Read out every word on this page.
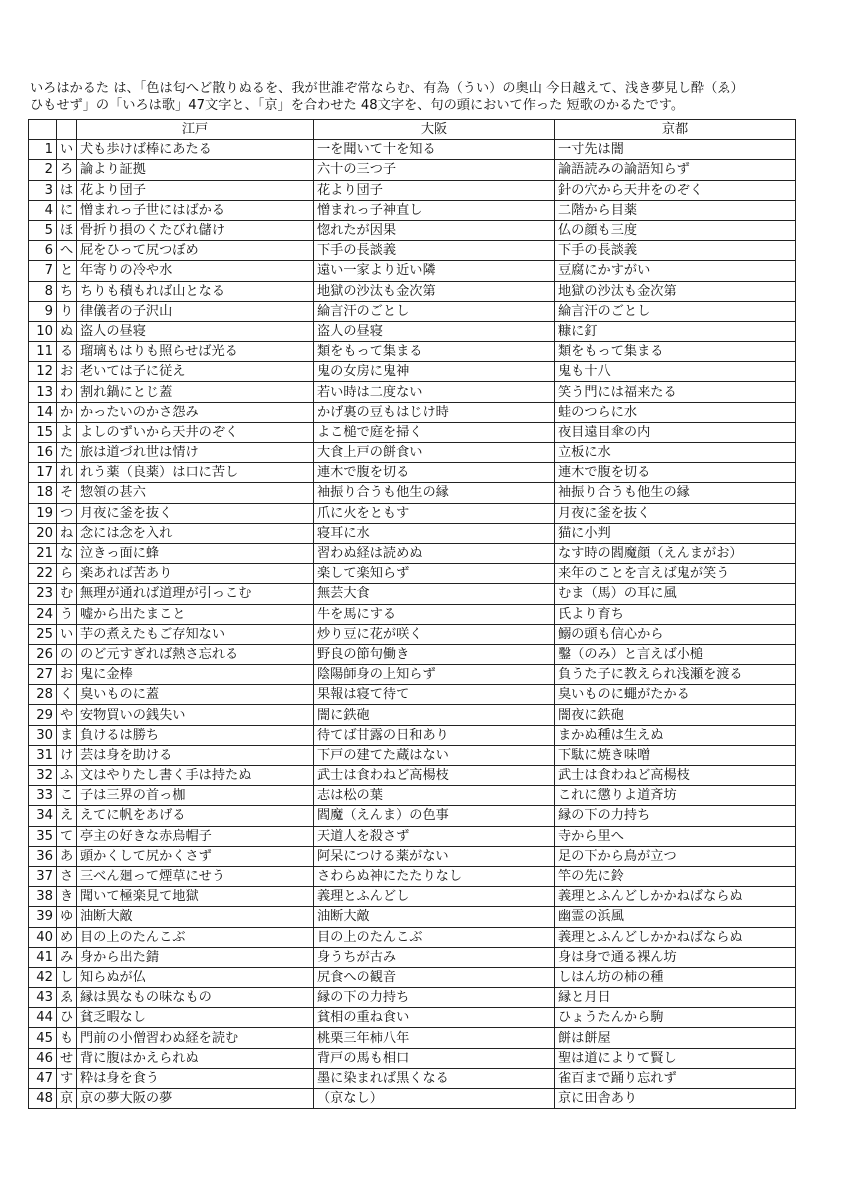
いろはかるた は、「色は匂へど散りぬるを、我が世誰ぞ常ならむ、有為（うい）の奥山 今日越えて、浅き夢見し酔（ゑ）
ひもせず」の「いろは歌」47文字と、「京」を合わせた 48文字を、句の頭において作った 短歌のかるたです。
		江戸	大阪	京都
1	い	犬も歩けば棒にあたる	一を聞いて十を知る	一寸先は闇
2	ろ	論より証拠	六十の三つ子	論語読みの論語知らず
3	は	花より団子	花より団子	針の穴から天井をのぞく
4	に	憎まれっ子世にはばかる	憎まれっ子神直し	二階から目薬
5	ほ	骨折り損のくたびれ儲け	惚れたが因果	仏の顔も三度
6	へ	屁をひって尻つぼめ	下手の長談義	下手の長談義
7	と	年寄りの冷や水	遠い一家より近い隣	豆腐にかすがい
8	ち	ちりも積もれば山となる	地獄の沙汰も金次第	地獄の沙汰も金次第
9	り	律儀者の子沢山	綸言汗のごとし	綸言汗のごとし
10	ぬ	盗人の昼寝	盗人の昼寝	糠に釘
11	る	瑠璃もはりも照らせば光る	類をもって集まる	類をもって集まる
12	お	老いては子に従え	鬼の女房に鬼神	鬼も十八
13	わ	割れ鍋にとじ蓋	若い時は二度ない	笑う門には福来たる
14	か	かったいのかさ怨み	かげ裏の豆もはじけ時	蛙のつらに水
15	よ	よしのずいから天井のぞく	よこ槌で庭を掃く	夜目遠目傘の内
16	た	旅は道づれ世は情け	大食上戸の餅食い	立板に水
17	れ	れう薬（良薬）は口に苦し	連木で腹を切る	連木で腹を切る
18	そ	惣領の甚六	袖振り合うも他生の縁	袖振り合うも他生の縁
19	つ	月夜に釜を抜く	爪に火をともす	月夜に釜を抜く
20	ね	念には念を入れ	寝耳に水	猫に小判
21	な	泣きっ面に蜂	習わぬ経は読めぬ	なす時の閻魔顔（えんまがお）
22	ら	楽あれば苦あり	楽して楽知らず	来年のことを言えば鬼が笑う
23	む	無理が通れば道理が引っこむ	無芸大食	むま（馬）の耳に風
24	う	嘘から出たまこと	牛を馬にする	氏より育ち
25	い	芋の煮えたもご存知ない	炒り豆に花が咲く	鰯の頭も信心から
26	の	のど元すぎれば熱さ忘れる	野良の節句働き	鑿（のみ）と言えば小槌
27	お	鬼に金棒	陰陽師身の上知らず	負うた子に教えられ浅瀬を渡る
28	く	臭いものに蓋	果報は寝て待て	臭いものに蠅がたかる
29	や	安物買いの銭失い	闇に鉄砲	闇夜に鉄砲
30	ま	負けるは勝ち	待てば甘露の日和あり	まかぬ種は生えぬ
31	け	芸は身を助ける	下戸の建てた蔵はない	下駄に焼き味噌
32	ふ	文はやりたし書く手は持たぬ	武士は食わねど高楊枝	武士は食わねど高楊枝
33	こ	子は三界の首っ枷	志は松の葉	これに懲りよ道斉坊
34	え	えてに帆をあげる	閻魔（えんま）の色事	縁の下の力持ち
35	て	亭主の好きな赤烏帽子	天道人を殺さず	寺から里へ
36	あ	頭かくして尻かくさず	阿呆につける薬がない	足の下から鳥が立つ
37	さ	三べん廻って煙草にせう	さわらぬ神にたたりなし	竿の先に鈴
38	き	聞いて極楽見て地獄	義理とふんどし	義理とふんどしかかねばならぬ
39	ゆ	油断大敵	油断大敵	幽霊の浜風
40	め	目の上のたんこぶ	目の上のたんこぶ	義理とふんどしかかねばならぬ
41	み	身から出た錆	身うちが古み	身は身で通る裸ん坊
42	し	知らぬが仏	尻食への観音	しはん坊の柿の種
43	ゑ	縁は異なもの味なもの	縁の下の力持ち	縁と月日
44	ひ	貧乏暇なし	貧相の重ね食い	ひょうたんから駒
45	も	門前の小僧習わぬ経を読む	桃栗三年柿八年	餅は餅屋
46	せ	背に腹はかえられぬ	背戸の馬も相口	聖は道によりて賢し
47	す	粋は身を食う	墨に染まれば黒くなる	雀百まで踊り忘れず
48	京	京の夢大阪の夢	（京なし）	京に田舎あり
